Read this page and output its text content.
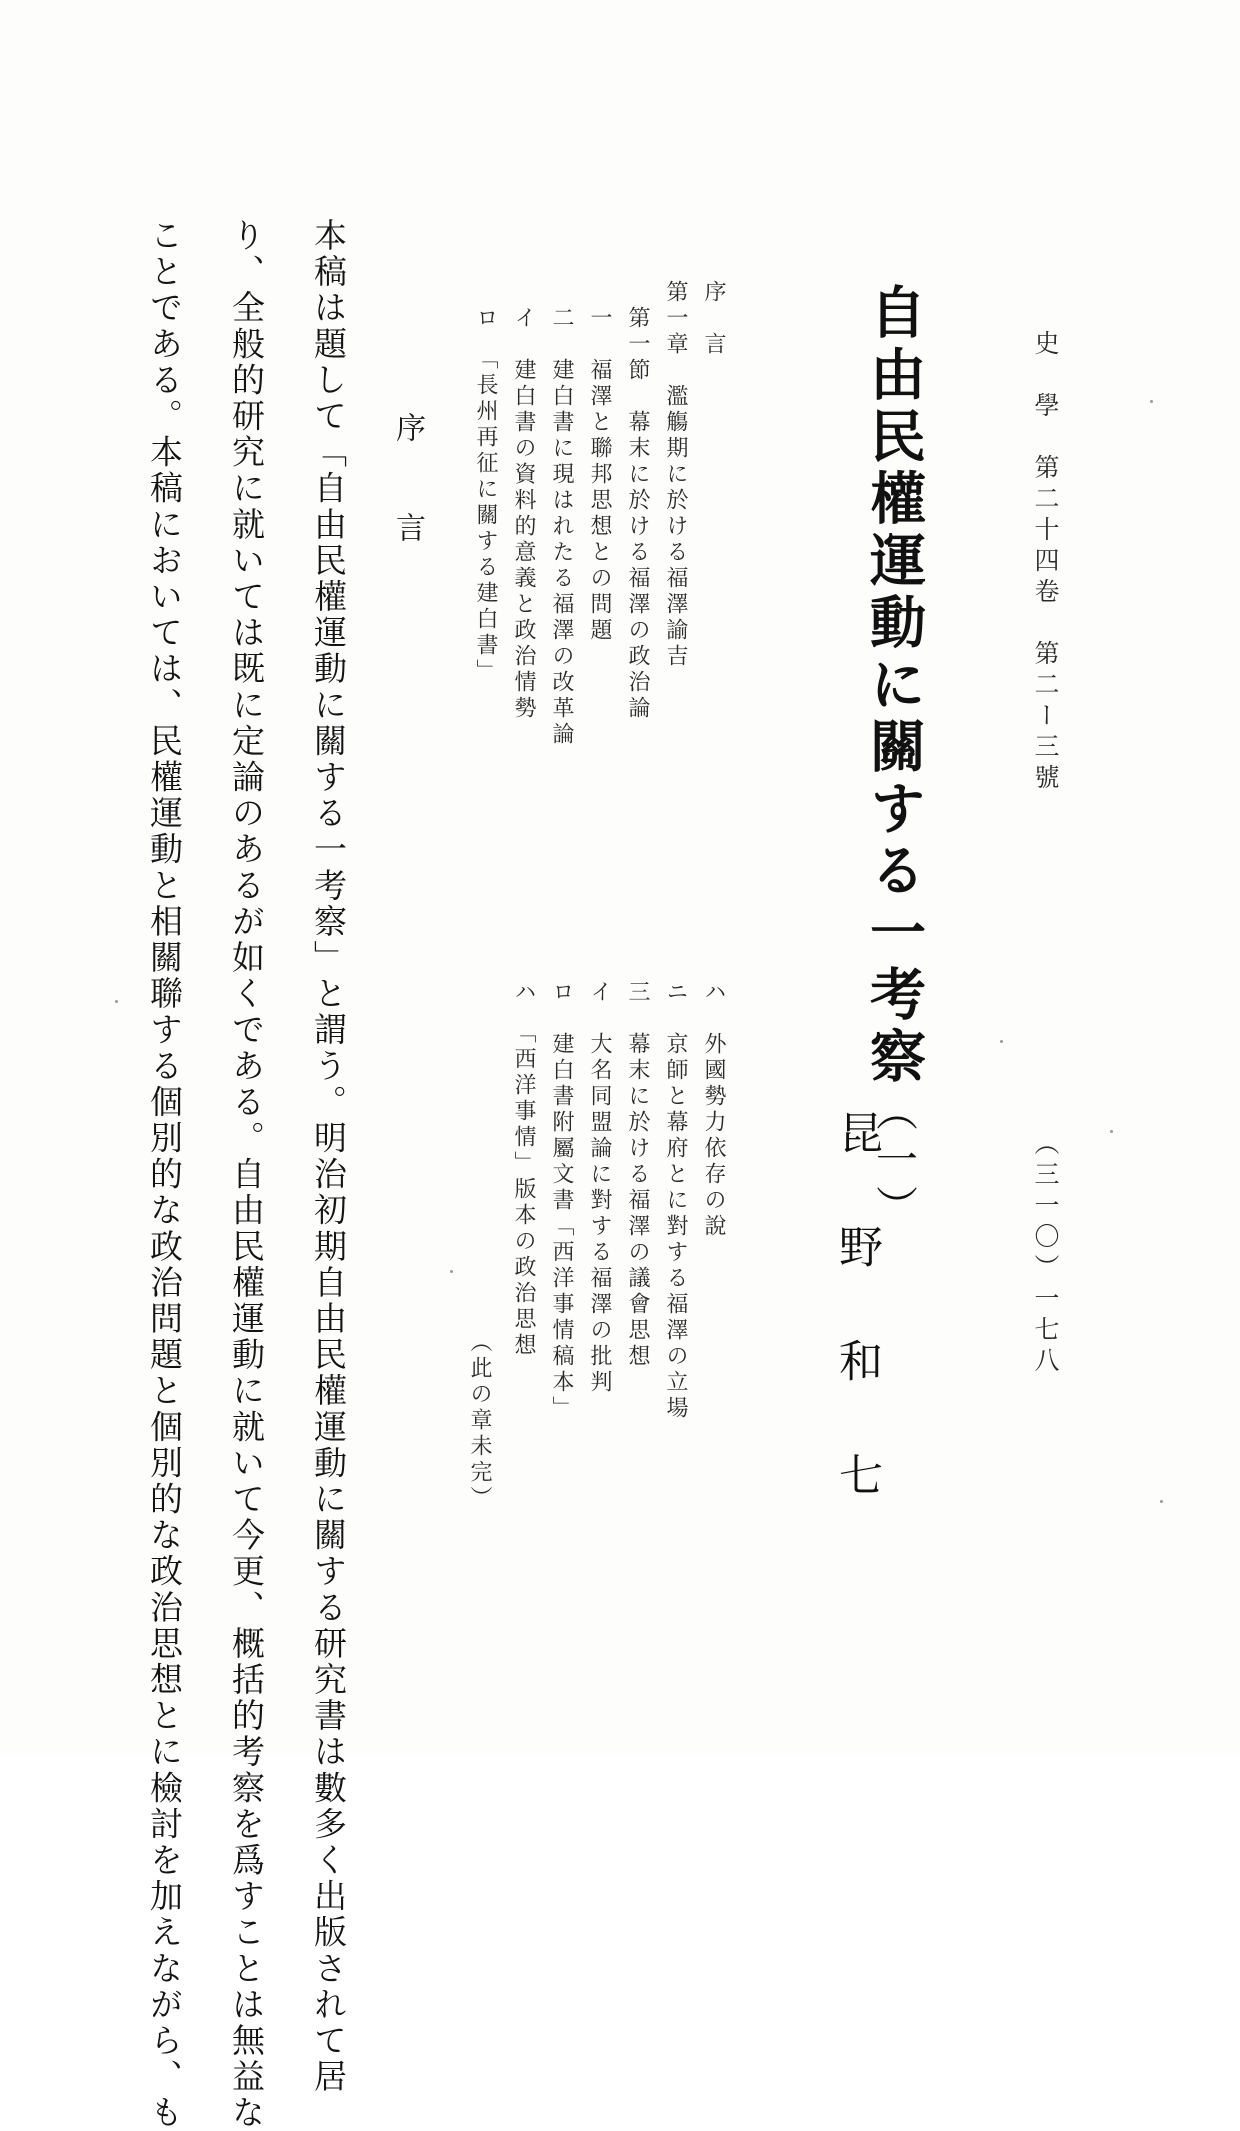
史　學　第二十四卷　第二ー三號
（三一〇）一七八
自由民權運動に關する一考察（一）
昆野和七
序　言
第一章　濫觴期に於ける福澤諭吉
　第一節　幕末に於ける福澤の政治論
　一　福澤と聯邦思想との問題
　二　建白書に現はれたる福澤の改革論
　イ　建白書の資料的意義と政治情勢
　ロ　「長州再征に關する建白書」
ハ　外國勢力依存の說
ニ　京師と幕府とに對する福澤の立場
三　幕末に於ける福澤の議會思想
イ　大名同盟論に對する福澤の批判
ロ　建白書附屬文書「西洋事情稿本」
ハ　「西洋事情」版本の政治思想
（此の章未完）
序言
本稿は題して「自由民權運動に關する一考察」と謂う。明治初期自由民權運動に關する研究書は數多く出版されて居
り、全般的研究に就いては既に定論のあるが如くである。自由民權運動に就いて今更、概括的考察を爲すことは無益な
ことである。本稿においては、民權運動と相關聯する個別的な政治問題と個別的な政治思想とに檢討を加えながら、も
